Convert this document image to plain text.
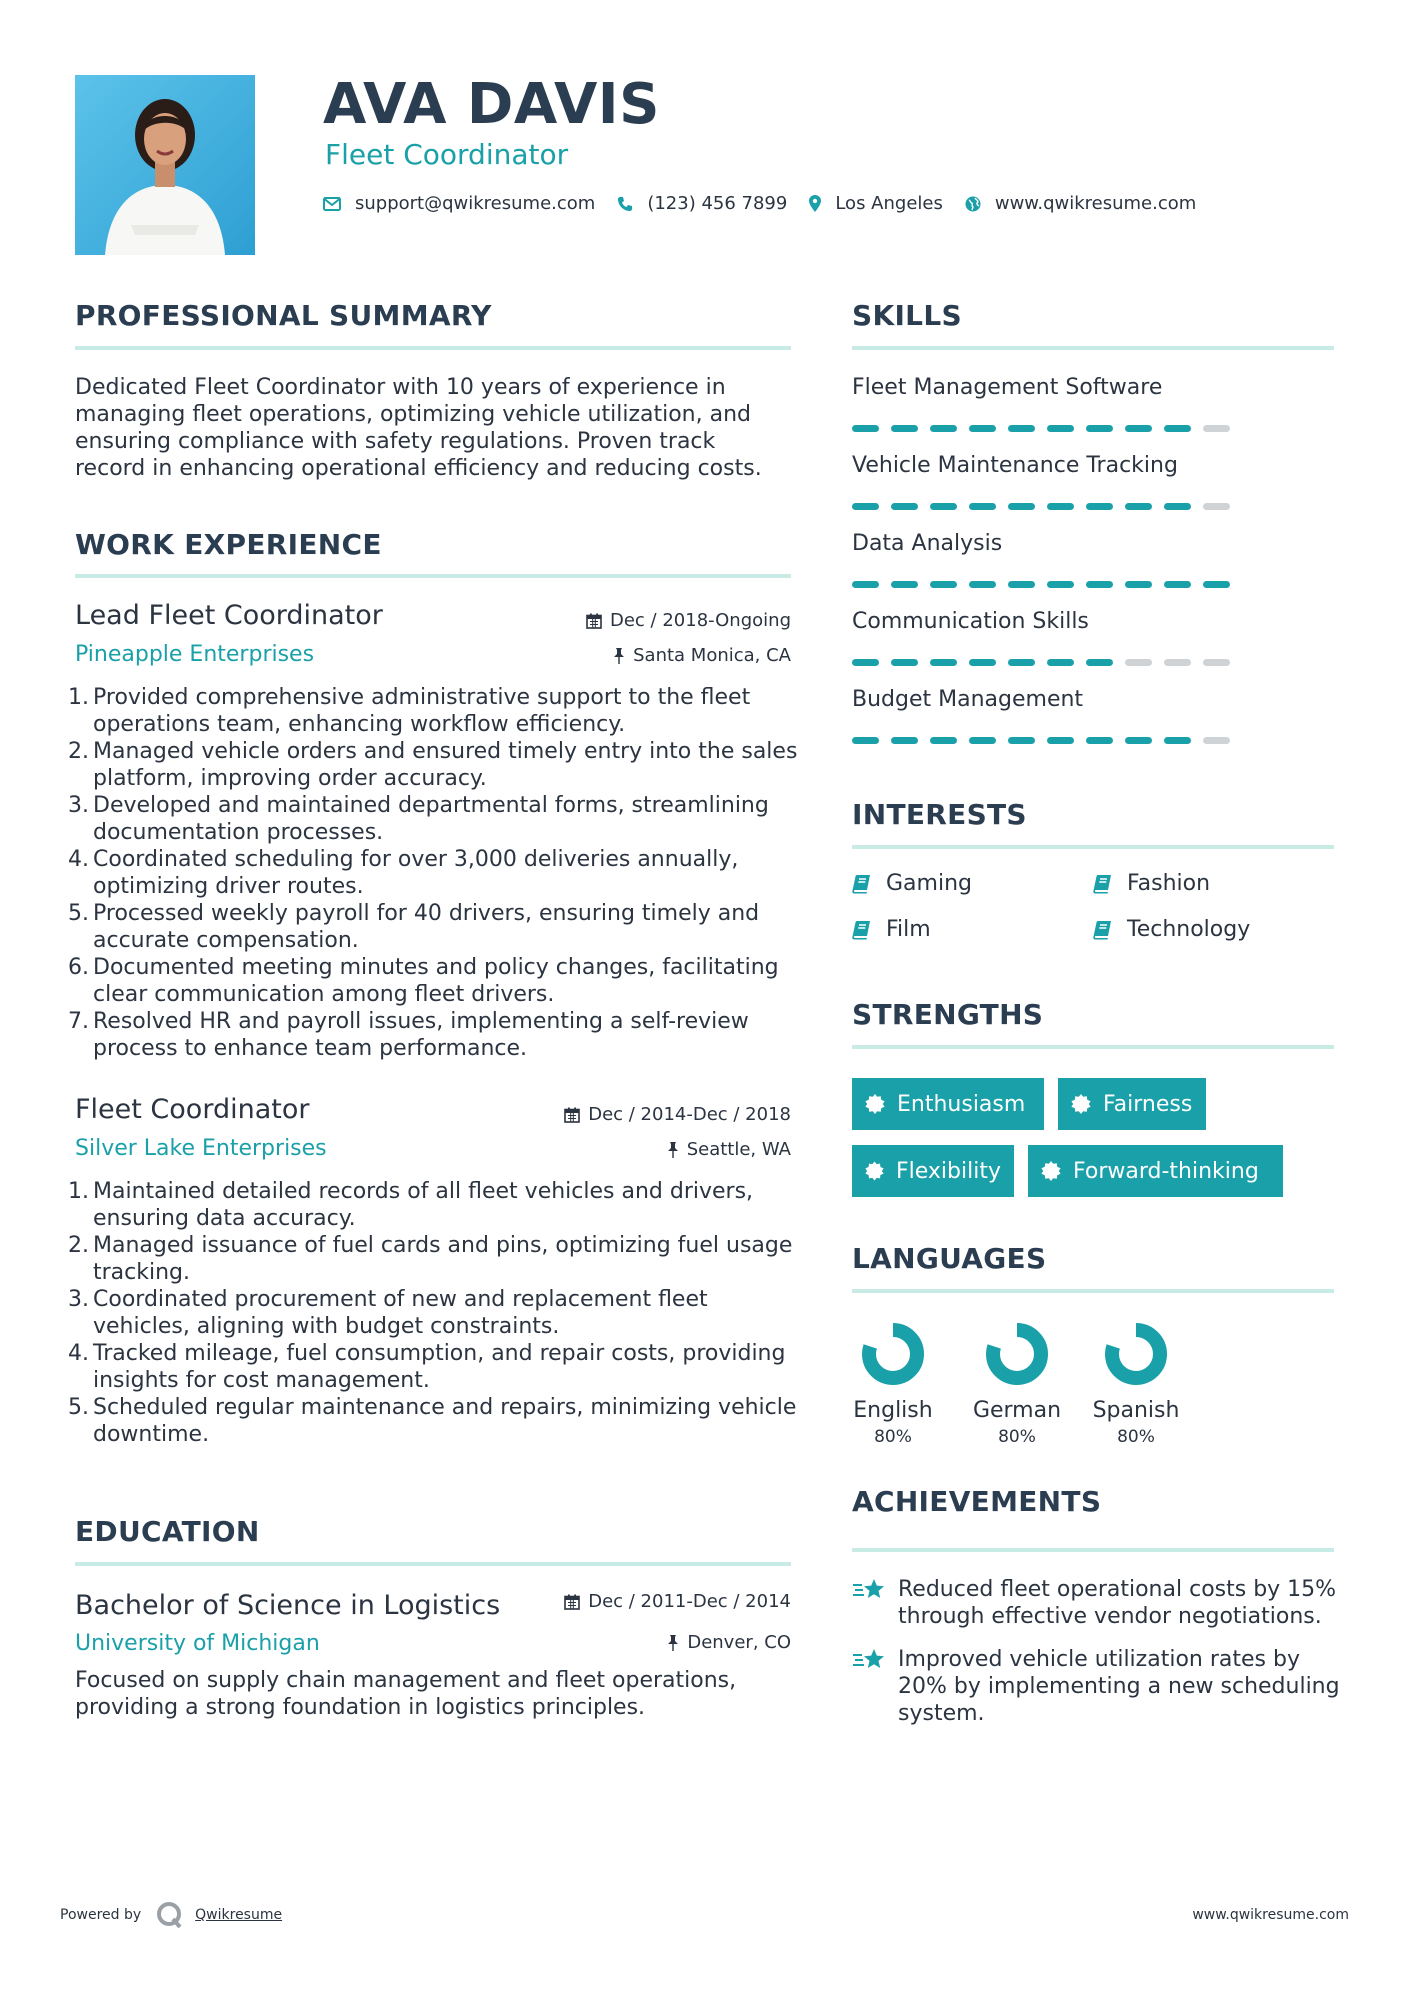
AVA DAVIS
Fleet Coordinator
support@qwikresume.com	(123) 456 7899	Los Angeles	www.qwikresume.com
PROFESSIONAL SUMMARY
Dedicated Fleet Coordinator with 10 years of experience in managing fleet operations, optimizing vehicle utilization, and ensuring compliance with safety regulations. Proven track record in enhancing operational efficiency and reducing costs.
WORK EXPERIENCE
Lead Fleet Coordinator	Dec / 2018-Ongoing
Pineapple Enterprises	Santa Monica, CA
1. Provided comprehensive administrative support to the fleet operations team, enhancing workflow efficiency.
2. Managed vehicle orders and ensured timely entry into the sales platform, improving order accuracy.
3. Developed and maintained departmental forms, streamlining documentation processes.
4. Coordinated scheduling for over 3,000 deliveries annually, optimizing driver routes.
5. Processed weekly payroll for 40 drivers, ensuring timely and accurate compensation.
6. Documented meeting minutes and policy changes, facilitating clear communication among fleet drivers.
7. Resolved HR and payroll issues, implementing a self-review process to enhance team performance.
Fleet Coordinator	Dec / 2014-Dec / 2018
Silver Lake Enterprises	Seattle, WA
1. Maintained detailed records of all fleet vehicles and drivers, ensuring data accuracy.
2. Managed issuance of fuel cards and pins, optimizing fuel usage tracking.
3. Coordinated procurement of new and replacement fleet vehicles, aligning with budget constraints.
4. Tracked mileage, fuel consumption, and repair costs, providing insights for cost management.
5. Scheduled regular maintenance and repairs, minimizing vehicle downtime.
EDUCATION
Bachelor of Science in Logistics	Dec / 2011-Dec / 2014
University of Michigan	Denver, CO
Focused on supply chain management and fleet operations, providing a strong foundation in logistics principles.
SKILLS
Fleet Management Software
Vehicle Maintenance Tracking
Data Analysis
Communication Skills
Budget Management
INTERESTS
Gaming	Fashion
Film	Technology
STRENGTHS
Enthusiasm	Fairness
Flexibility	Forward-thinking
LANGUAGES
English
80%
German
80%
Spanish
80%
ACHIEVEMENTS
Reduced fleet operational costs by 15% through effective vendor negotiations.
Improved vehicle utilization rates by 20% by implementing a new scheduling system.
Powered by	Qwikresume	www.qwikresume.com
